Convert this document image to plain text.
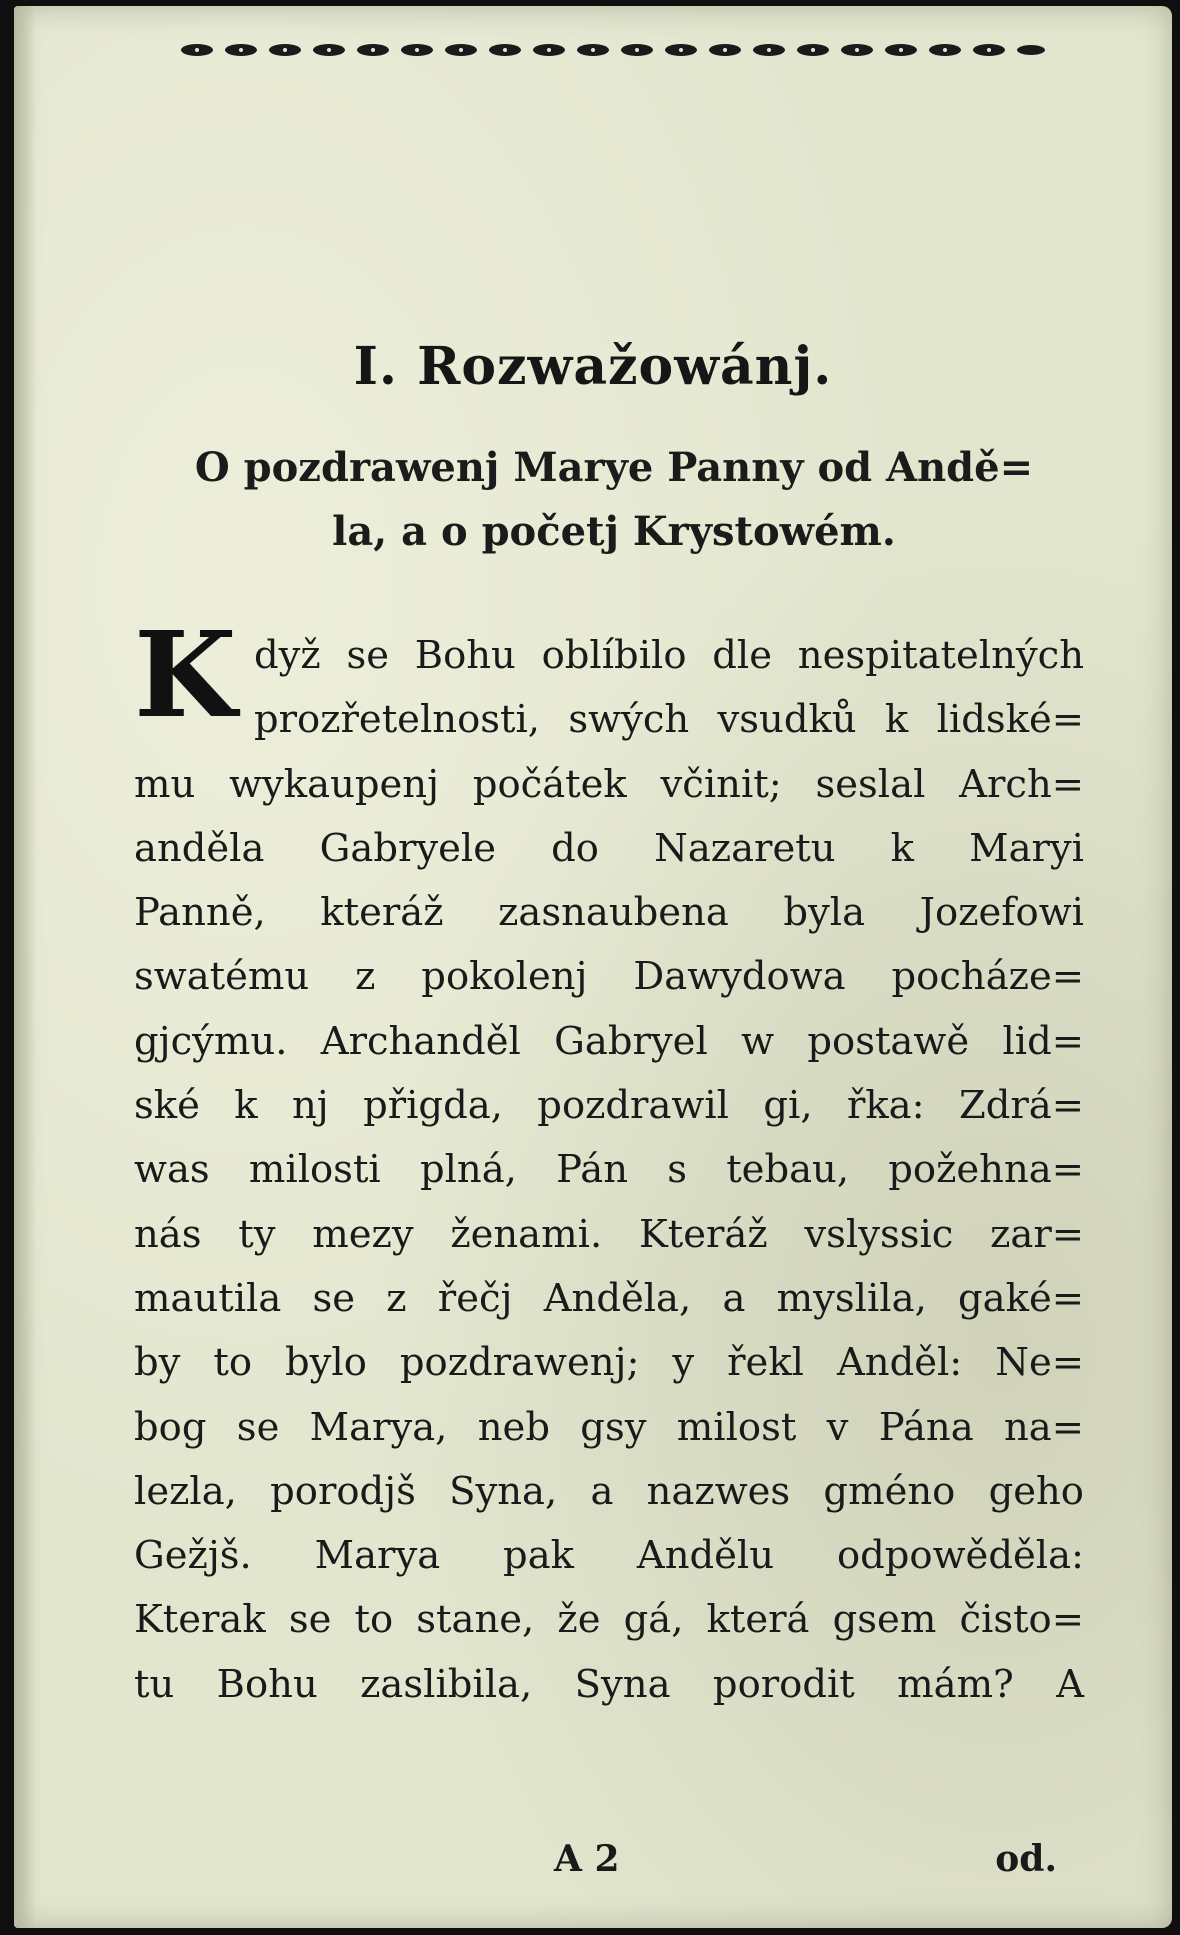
I. Rozwažowánj.
O pozdrawenj Marye Panny od Andě=
la, a o početj Krystowém.
K dyž se Bohu oblíbilo dle nespitatelných
prozřetelnosti, swých vsudků k lidské=
mu wykaupenj počátek včinit; seslal Arch=
anděla Gabryele do Nazaretu k Maryi
Panně, kteráž zasnaubena byla Jozefowi
swatému z pokolenj Dawydowa pocháze=
gjcýmu. Archanděl Gabryel w postawě lid=
ské k nj přigda, pozdrawil gi, řka: Zdrá=
was milosti plná, Pán s tebau, požehna=
nás ty mezy ženami. Kteráž vslyssic zar=
mautila se z řečj Anděla, a myslila, gaké=
by to bylo pozdrawenj; y řekl Anděl: Ne=
bog se Marya, neb gsy milost v Pána na=
lezla, porodjš Syna, a nazwes gméno geho
Gežjš. Marya pak Andělu odpowěděla:
Kterak se to stane, že gá, která gsem čisto=
tu Bohu zaslibila, Syna porodit mám? A
A 2	od.
